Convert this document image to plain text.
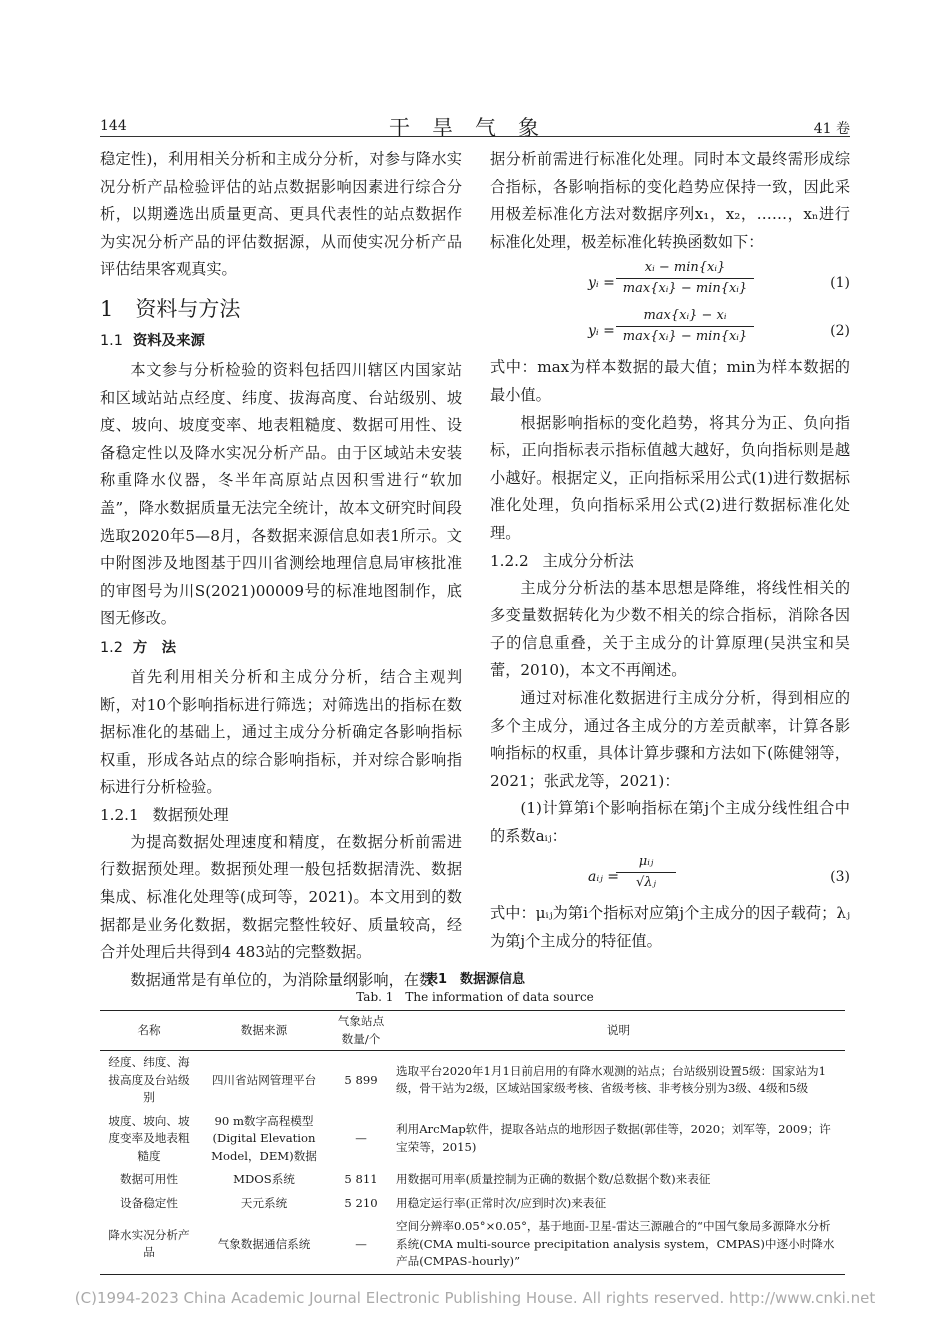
144	干旱气象	41 卷

稳定性)，利用相关分析和主成分分析，对参与降水实况分析产品检验评估的站点数据影响因素进行综合分析，以期遴选出质量更高、更具代表性的站点数据作为实况分析产品的评估数据源，从而使实况分析产品评估结果客观真实。

1 资料与方法
1.1 资料及来源

本文参与分析检验的资料包括四川辖区内国家站和区域站站点经度、纬度、拔海高度、台站级别、坡度、坡向、坡度变率、地表粗糙度、数据可用性、设备稳定性以及降水实况分析产品。由于区域站未安装称重降水仪器，冬半年高原站点因积雪进行“软加盖”，降水数据质量无法完全统计，故本文研究时间段选取2020年5—8月，各数据来源信息如表1所示。文中附图涉及地图基于四川省测绘地理信息局审核批准的审图号为川S(2021)00009号的标准地图制作，底图无修改。

1.2 方　法

首先利用相关分析和主成分分析，结合主观判断，对10个影响指标进行筛选；对筛选出的指标在数据标准化的基础上，通过主成分分析确定各影响指标权重，形成各站点的综合影响指标，并对综合影响指标进行分析检验。

1.2.1 数据预处理

为提高数据处理速度和精度，在数据分析前需进行数据预处理。数据预处理一般包括数据清洗、数据集成、标准化处理等(成珂等，2021)。本文用到的数据都是业务化数据，数据完整性较好、质量较高，经合并处理后共得到4 483站的完整数据。

数据通常是有单位的，为消除量纲影响，在数

据分析前需进行标准化处理。同时本文最终需形成综合指标，各影响指标的变化趋势应保持一致，因此采用极差标准化方法对数据序列x₁，x₂，……，xₙ进行标准化处理，极差标准化转换函数如下：

yᵢ =
xᵢ − min{xᵢ}
max{xᵢ} − min{xᵢ}	(1)
yᵢ =
max{xᵢ} − xᵢ
max{xᵢ} − min{xᵢ}	(2)

式中：max为样本数据的最大值；min为样本数据的最小值。

根据影响指标的变化趋势，将其分为正、负向指标，正向指标表示指标值越大越好，负向指标则是越小越好。根据定义，正向指标采用公式(1)进行数据标准化处理，负向指标采用公式(2)进行数据标准化处理。

1.2.2 主成分分析法

主成分分析法的基本思想是降维，将线性相关的多变量数据转化为少数不相关的综合指标，消除各因子的信息重叠，关于主成分的计算原理(吴洪宝和吴蕾，2010)，本文不再阐述。

通过对标准化数据进行主成分分析，得到相应的多个主成分，通过各主成分的方差贡献率，计算各影响指标的权重，具体计算步骤和方法如下(陈健翎等，2021；张武龙等，2021)：

(1)计算第i个影响指标在第j个主成分线性组合中的系数aᵢⱼ：

aᵢⱼ =
μᵢⱼ
√λⱼ	(3)

式中：μᵢⱼ为第i个指标对应第j个主成分的因子载荷；λⱼ为第j个主成分的特征值。

表1　数据源信息
Tab. 1　The information of data source
名称	数据来源	气象站点数量/个	说明
经度、纬度、海拔高度及台站级别	四川省站网管理平台	5 899	选取平台2020年1月1日前启用的有降水观测的站点；台站级别设置5级：国家站为1级，骨干站为2级，区域站国家级考核、省级考核、非考核分别为3级、4级和5级
坡度、坡向、坡度变率及地表粗糙度	90 m数字高程模型(Digital Elevation Model，DEM)数据	—	利用ArcMap软件，提取各站点的地形因子数据(郭佳等，2020；刘军等，2009；许宝荣等，2015)
数据可用性	MDOS系统	5 811	用数据可用率(质量控制为正确的数据个数/总数据个数)来表征
设备稳定性	天元系统	5 210	用稳定运行率(正常时次/应到时次)来表征
降水实况分析产品	气象数据通信系统	—	空间分辨率0.05°×0.05°，基于地面-卫星-雷达三源融合的“中国气象局多源降水分析系统(CMA multi-source precipitation analysis system，CMPAS)中逐小时降水产品(CMPAS-hourly)”
(C)1994-2023 China Academic Journal Electronic Publishing House. All rights reserved. http://www.cnki.net
